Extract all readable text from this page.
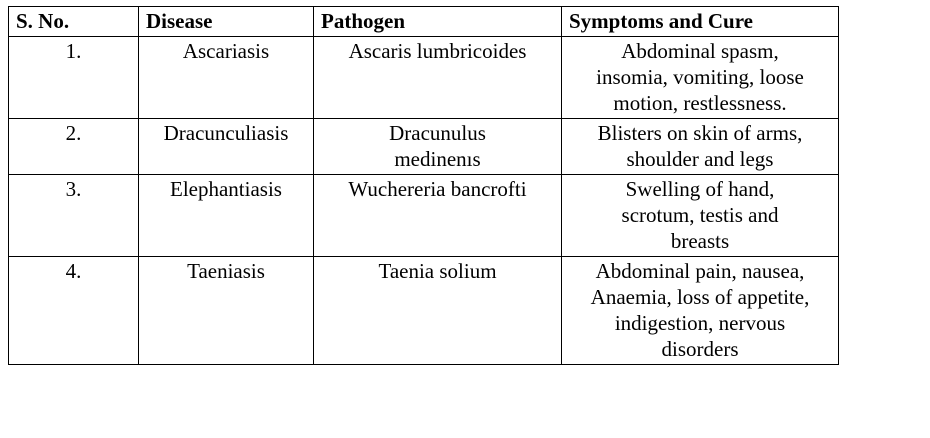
S. No.	Disease	Pathogen	Symptoms and Cure
1.	Ascariasis	Ascaris lumbricoides	Abdominal spasm, insomia, vomiting, loose motion, restlessness.

2.	Dracunculiasis	Dracunulus medinenıs	Blisters on skin of arms, shoulder and legs

3.	Elephantiasis	Wuchereria bancrofti	Swelling of hand, scrotum, testis and breasts

4.	Taeniasis	Taenia solium	Abdominal pain, nausea, Anaemia, loss of appetite, indigestion, nervous disorders
